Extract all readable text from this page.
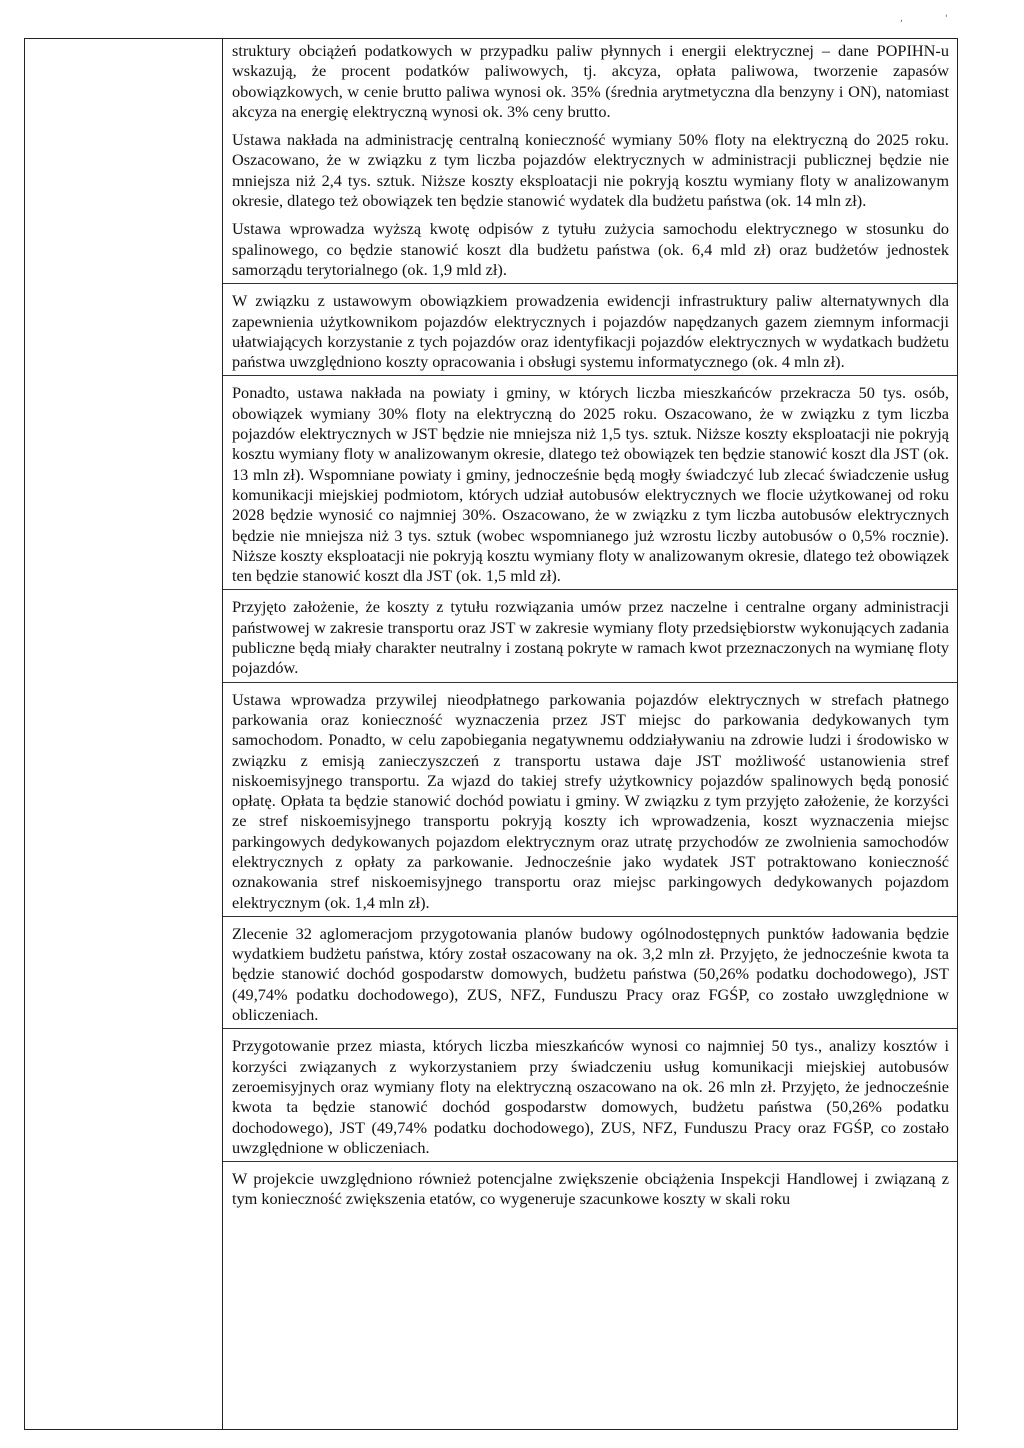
,	'

struktury obciążeń podatkowych w przypadku paliw płynnych i energii elektrycznej – dane POPIHN-u wskazują, że procent podatków paliwowych, tj. akcyza, opłata paliwowa, tworzenie zapasów obowiązkowych, w cenie brutto paliwa wynosi ok. 35% (średnia arytmetyczna dla benzyny i ON), natomiast akcyza na energię elektryczną wynosi ok. 3% ceny brutto.

Ustawa nakłada na administrację centralną konieczność wymiany 50% floty na elektryczną do 2025 roku. Oszacowano, że w związku z tym liczba pojazdów elektrycznych w administracji publicznej będzie nie mniejsza niż 2,4 tys. sztuk. Niższe koszty eksploatacji nie pokryją kosztu wymiany floty w analizowanym okresie, dlatego też obowiązek ten będzie stanowić wydatek dla budżetu państwa (ok. 14 mln zł).

Ustawa wprowadza wyższą kwotę odpisów z tytułu zużycia samochodu elektrycznego w stosunku do spalinowego, co będzie stanowić koszt dla budżetu państwa (ok. 6,4 mld zł) oraz budżetów jednostek samorządu terytorialnego (ok. 1,9 mld zł).

W związku z ustawowym obowiązkiem prowadzenia ewidencji infrastruktury paliw alternatywnych dla zapewnienia użytkownikom pojazdów elektrycznych i pojazdów napędzanych gazem ziemnym informacji ułatwiających korzystanie z tych pojazdów oraz identyfikacji pojazdów elektrycznych w wydatkach budżetu państwa uwzględniono koszty opracowania i obsługi systemu informatycznego (ok. 4 mln zł).

Ponadto, ustawa nakłada na powiaty i gminy, w których liczba mieszkańców przekracza 50 tys. osób, obowiązek wymiany 30% floty na elektryczną do 2025 roku. Oszacowano, że w związku z tym liczba pojazdów elektrycznych w JST będzie nie mniejsza niż 1,5 tys. sztuk. Niższe koszty eksploatacji nie pokryją kosztu wymiany floty w analizowanym okresie, dlatego też obowiązek ten będzie stanowić koszt dla JST (ok. 13 mln zł). Wspomniane powiaty i gminy, jednocześnie będą mogły świadczyć lub zlecać świadczenie usług komunikacji miejskiej podmiotom, których udział autobusów elektrycznych we flocie użytkowanej od roku 2028 będzie wynosić co najmniej 30%. Oszacowano, że w związku z tym liczba autobusów elektrycznych będzie nie mniejsza niż 3 tys. sztuk (wobec wspomnianego już wzrostu liczby autobusów o 0,5% rocznie). Niższe koszty eksploatacji nie pokryją kosztu wymiany floty w analizowanym okresie, dlatego też obowiązek ten będzie stanowić koszt dla JST (ok. 1,5 mld zł).

Przyjęto założenie, że koszty z tytułu rozwiązania umów przez naczelne i centralne organy administracji państwowej w zakresie transportu oraz JST w zakresie wymiany floty przedsiębiorstw wykonujących zadania publiczne będą miały charakter neutralny i zostaną pokryte w ramach kwot przeznaczonych na wymianę floty pojazdów.

Ustawa wprowadza przywilej nieodpłatnego parkowania pojazdów elektrycznych w strefach płatnego parkowania oraz konieczność wyznaczenia przez JST miejsc do parkowania dedykowanych tym samochodom. Ponadto, w celu zapobiegania negatywnemu oddziaływaniu na zdrowie ludzi i środowisko w związku z emisją zanieczyszczeń z transportu ustawa daje JST możliwość ustanowienia stref niskoemisyjnego transportu. Za wjazd do takiej strefy użytkownicy pojazdów spalinowych będą ponosić opłatę. Opłata ta będzie stanowić dochód powiatu i gminy. W związku z tym przyjęto założenie, że korzyści ze stref niskoemisyjnego transportu pokryją koszty ich wprowadzenia, koszt wyznaczenia miejsc parkingowych dedykowanych pojazdom elektrycznym oraz utratę przychodów ze zwolnienia samochodów elektrycznych z opłaty za parkowanie. Jednocześnie jako wydatek JST potraktowano konieczność oznakowania stref niskoemisyjnego transportu oraz miejsc parkingowych dedykowanych pojazdom elektrycznym (ok. 1,4 mln zł).

Zlecenie 32 aglomeracjom przygotowania planów budowy ogólnodostępnych punktów ładowania będzie wydatkiem budżetu państwa, który został oszacowany na ok. 3,2 mln zł. Przyjęto, że jednocześnie kwota ta będzie stanowić dochód gospodarstw domowych, budżetu państwa (50,26% podatku dochodowego), JST (49,74% podatku dochodowego), ZUS, NFZ, Funduszu Pracy oraz FGŚP, co zostało uwzględnione w obliczeniach.

Przygotowanie przez miasta, których liczba mieszkańców wynosi co najmniej 50 tys., analizy kosztów i korzyści związanych z wykorzystaniem przy świadczeniu usług komunikacji miejskiej autobusów zeroemisyjnych oraz wymiany floty na elektryczną oszacowano na ok. 26 mln zł. Przyjęto, że jednocześnie kwota ta będzie stanowić dochód gospodarstw domowych, budżetu państwa (50,26% podatku dochodowego), JST (49,74% podatku dochodowego), ZUS, NFZ, Funduszu Pracy oraz FGŚP, co zostało uwzględnione w obliczeniach.

W projekcie uwzględniono również potencjalne zwiększenie obciążenia Inspekcji Handlowej i związaną z tym konieczność zwiększenia etatów, co wygeneruje szacunkowe koszty w skali roku
